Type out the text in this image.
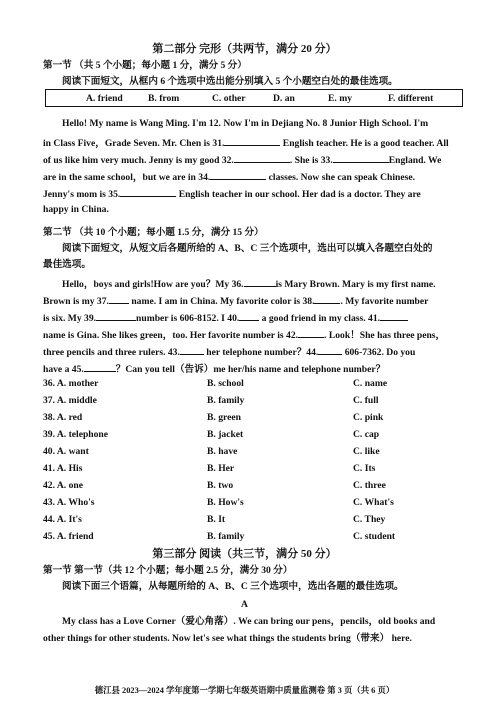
第二部分 完形（共两节，满分 20 分）
第一节 （共 5 个小题；每小题 1 分，满分 5 分）
阅读下面短文，从框内 6 个选项中选出能分别填入 5 个小题空白处的最佳选项。
A. friend	B. from	C. other	D. an	E. my	F. different
Hello! My name is Wang Ming. I'm 12. Now I'm in Dejiang No. 8 Junior High School. I'm
in Class Five，Grade Seven. Mr. Chen is 31.	English teacher. He is a good teacher. All
of us like him very much. Jenny is my good 32.	. She is 33.	England. We
are in the same school，but we are in 34.	classes. Now she can speak Chinese.
Jenny's mom is 35.	English teacher in our school. Her dad is a doctor. They are
happy in China.
第二节 （共 10 个小题；每小题 1.5 分，满分 15 分）
阅读下面短文，从短文后各题所给的 A、B、C 三个选项中，选出可以填入各题空白处的
最佳选项。
Hello，boys and girls!How are you？My 36.	is Mary Brown. Mary is my first name.
Brown is my 37. name. I am in China. My favorite color is 38.	. My favorite number
is six. My 39.	number is 606-8152. I 40. a good friend in my class. 41.
name is Gina. She likes green，too. Her favorite number is 42.	. Look！She has three pens，
three pencils and three rulers. 43.	her telephone number？44.	606-7362. Do you
have a 45.	？Can you tell（告诉）me her/his name and telephone number？
36. A. mother	B. school	C. name
37. A. middle	B. family	C. full
38. A. red	B. green	C. pink
39. A. telephone	B. jacket	C. cap
40. A. want	B. have	C. like
41. A. His	B. Her	C. Its
42. A. one	B. two	C. three
43. A. Who's	B. How's	C. What's
44. A. It's	B. It	C. They
45. A. friend	B. family	C. student
第三部分 阅读（共三节，满分 50 分）
第一节 第一节（共 12 个小题；每小题 2.5 分，满分 30 分）
阅读下面三个语篇，从每题所给的 A、B、C 三个选项中，选出各题的最佳选项。
A
My class has a Love Corner（爱心角落）. We can bring our pens，pencils，old books and
other things for other students. Now let's see what things the students bring（带来） here.
德江县 2023—2024 学年度第一学期七年级英语期中质量监测卷 第 3 页（共 6 页）
